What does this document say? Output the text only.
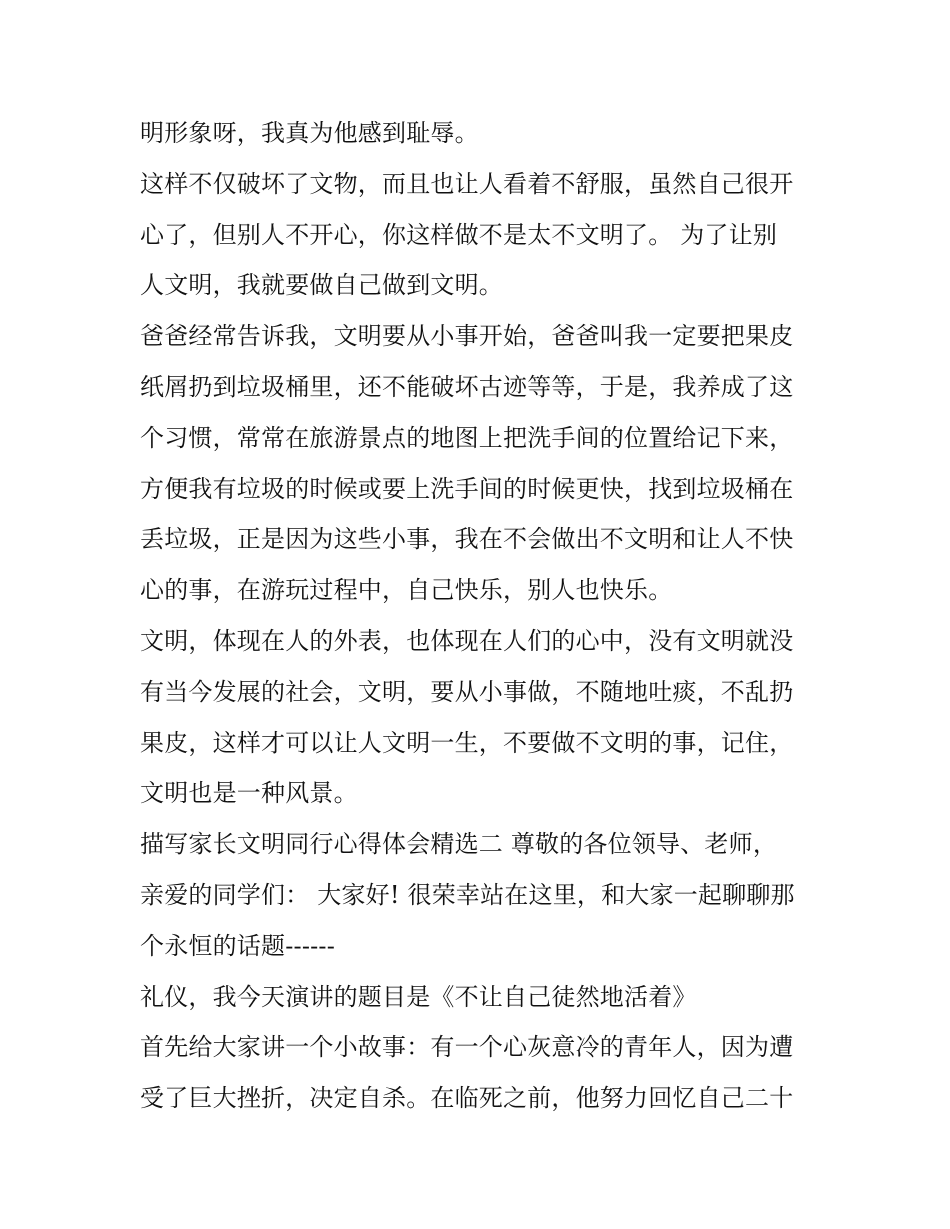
明形象呀，我真为他感到耻辱。
这样不仅破坏了文物，而且也让人看着不舒服，虽然自己很开
心了，但别人不开心，你这样做不是太不文明了。 为了让别
人文明，我就要做自己做到文明。
爸爸经常告诉我，文明要从小事开始，爸爸叫我一定要把果皮
纸屑扔到垃圾桶里，还不能破坏古迹等等，于是，我养成了这
个习惯，常常在旅游景点的地图上把洗手间的位置给记下来，
方便我有垃圾的时候或要上洗手间的时候更快，找到垃圾桶在
丢垃圾，正是因为这些小事，我在不会做出不文明和让人不快
心的事，在游玩过程中，自己快乐，别人也快乐。
文明，体现在人的外表，也体现在人们的心中，没有文明就没
有当今发展的社会，文明，要从小事做，不随地吐痰，不乱扔
果皮，这样才可以让人文明一生，不要做不文明的事，记住，
文明也是一种风景。
描写家长文明同行心得体会精选二 尊敬的各位领导、老师，
亲爱的同学们： 大家好! 很荣幸站在这里，和大家一起聊聊那
个永恒的话题------
礼仪，我今天演讲的题目是《不让自己徒然地活着》
首先给大家讲一个小故事：有一个心灰意冷的青年人，因为遭
受了巨大挫折，决定自杀。在临死之前，他努力回忆自己二十
